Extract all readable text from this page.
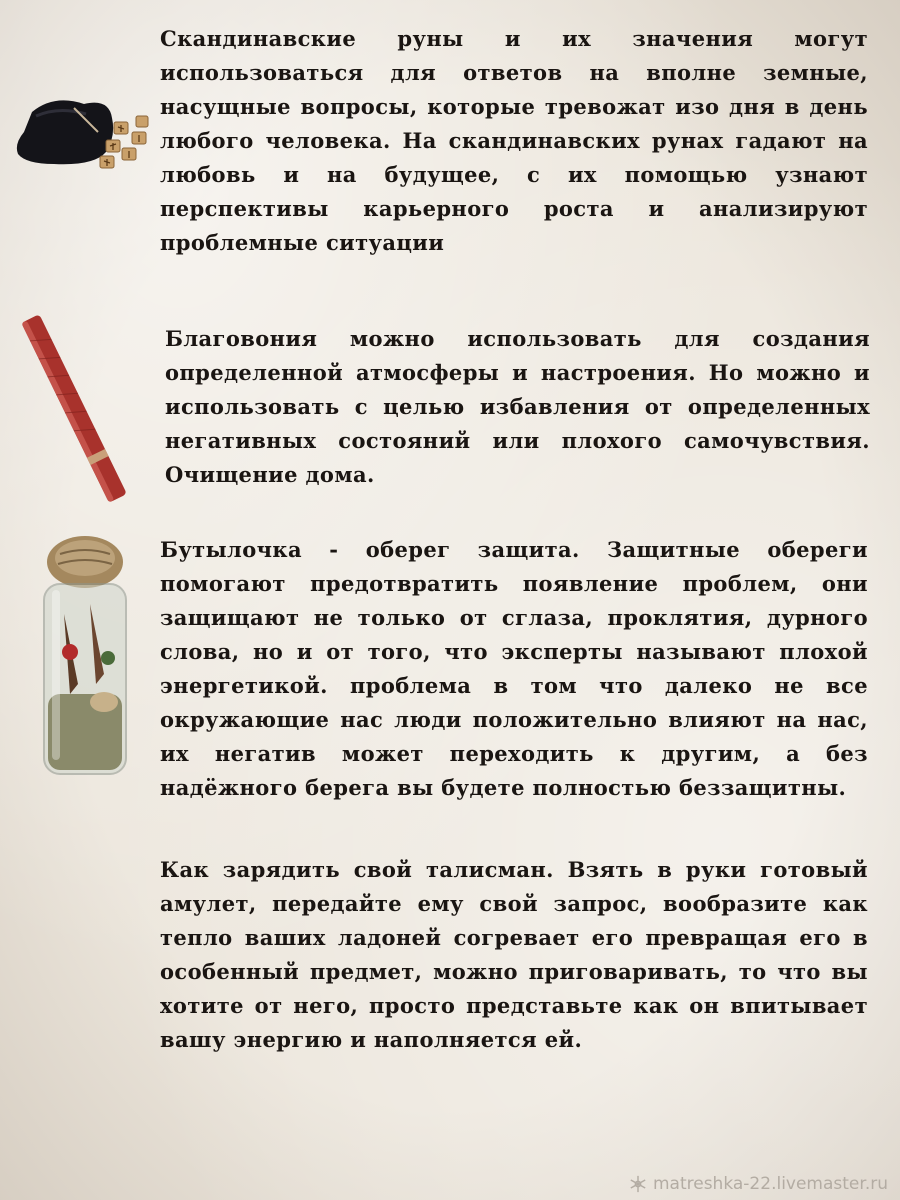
Скандинавские руны и их значения могут использоваться для ответов на вполне земные, насущные вопросы, которые тревожат изо дня в день любого человека. На скандинавских рунах гадают на любовь и на будущее, с их помощью узнают перспективы карьерного роста и анализируют проблемные ситуации

Благовония можно использовать для создания определенной атмосферы и настроения. Но можно и использовать с целью избавления от определенных негативных состояний или плохого самочувствия. Очищение дома.

Бутылочка - оберег защита. Защитные обереги помогают предотвратить появление проблем, они защищают не только от сглаза, проклятия, дурного слова, но и от того, что эксперты называют плохой энергетикой. проблема в том что далеко не все окружающие нас люди положительно влияют на нас, их негатив может переходить к другим, а без надёжного берега вы будете полностью беззащитны.

Как зарядить свой талисман. Взять в руки готовый амулет, передайте ему свой запрос, вообразите как тепло ваших ладоней согревает его превращая его в особенный предмет, можно приговаривать, то что вы хотите от него, просто представьте как он впитывает вашу энергию и наполняется ей.

matreshka-22.livemaster.ru
